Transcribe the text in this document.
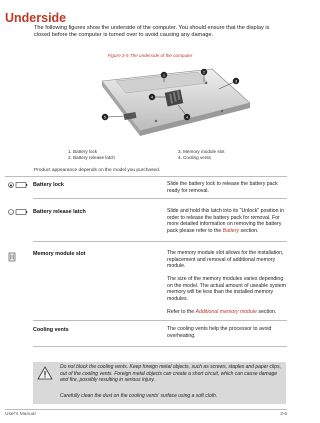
Underside
The following figures show the underside of the computer. You should ensure that the display is closed before the computer is turned over to avoid causing any damage.
Figure 3-5 The underside of the computer
1
2
3
4
5	4
1. Battery lock
2. Battery release latch
3. Memory module slot
4. Cooling vents
Product appearance depends on the model you purchased.
Battery lock	Slide the battery lock to release the battery pack ready for removal.
↔	Battery release latch	Slide and hold this latch into its "Unlock" position in order to release the battery pack for removal. For more detailed information on removing the battery pack please refer to the Battery section.
Memory module slot	The memory module slot allows for the installation, replacement and removal of additional memory module.
The size of the memory modules varies depending on the model. The actual amount of useable system memory will be less than the installed memory modules.
Refer to the Additional memory module section.
Cooling vents	The cooling vents help the processor to avoid overheating.
Do not block the cooling vents. Keep foreign metal objects, such as screws, staples and paper clips, out of the cooling vents. Foreign metal objects can create a short circuit, which can cause damage and fire, possibly resulting in serious injury.
Carefully clean the dust on the cooling vents' surface using a soft cloth.
User's Manual	3-6
